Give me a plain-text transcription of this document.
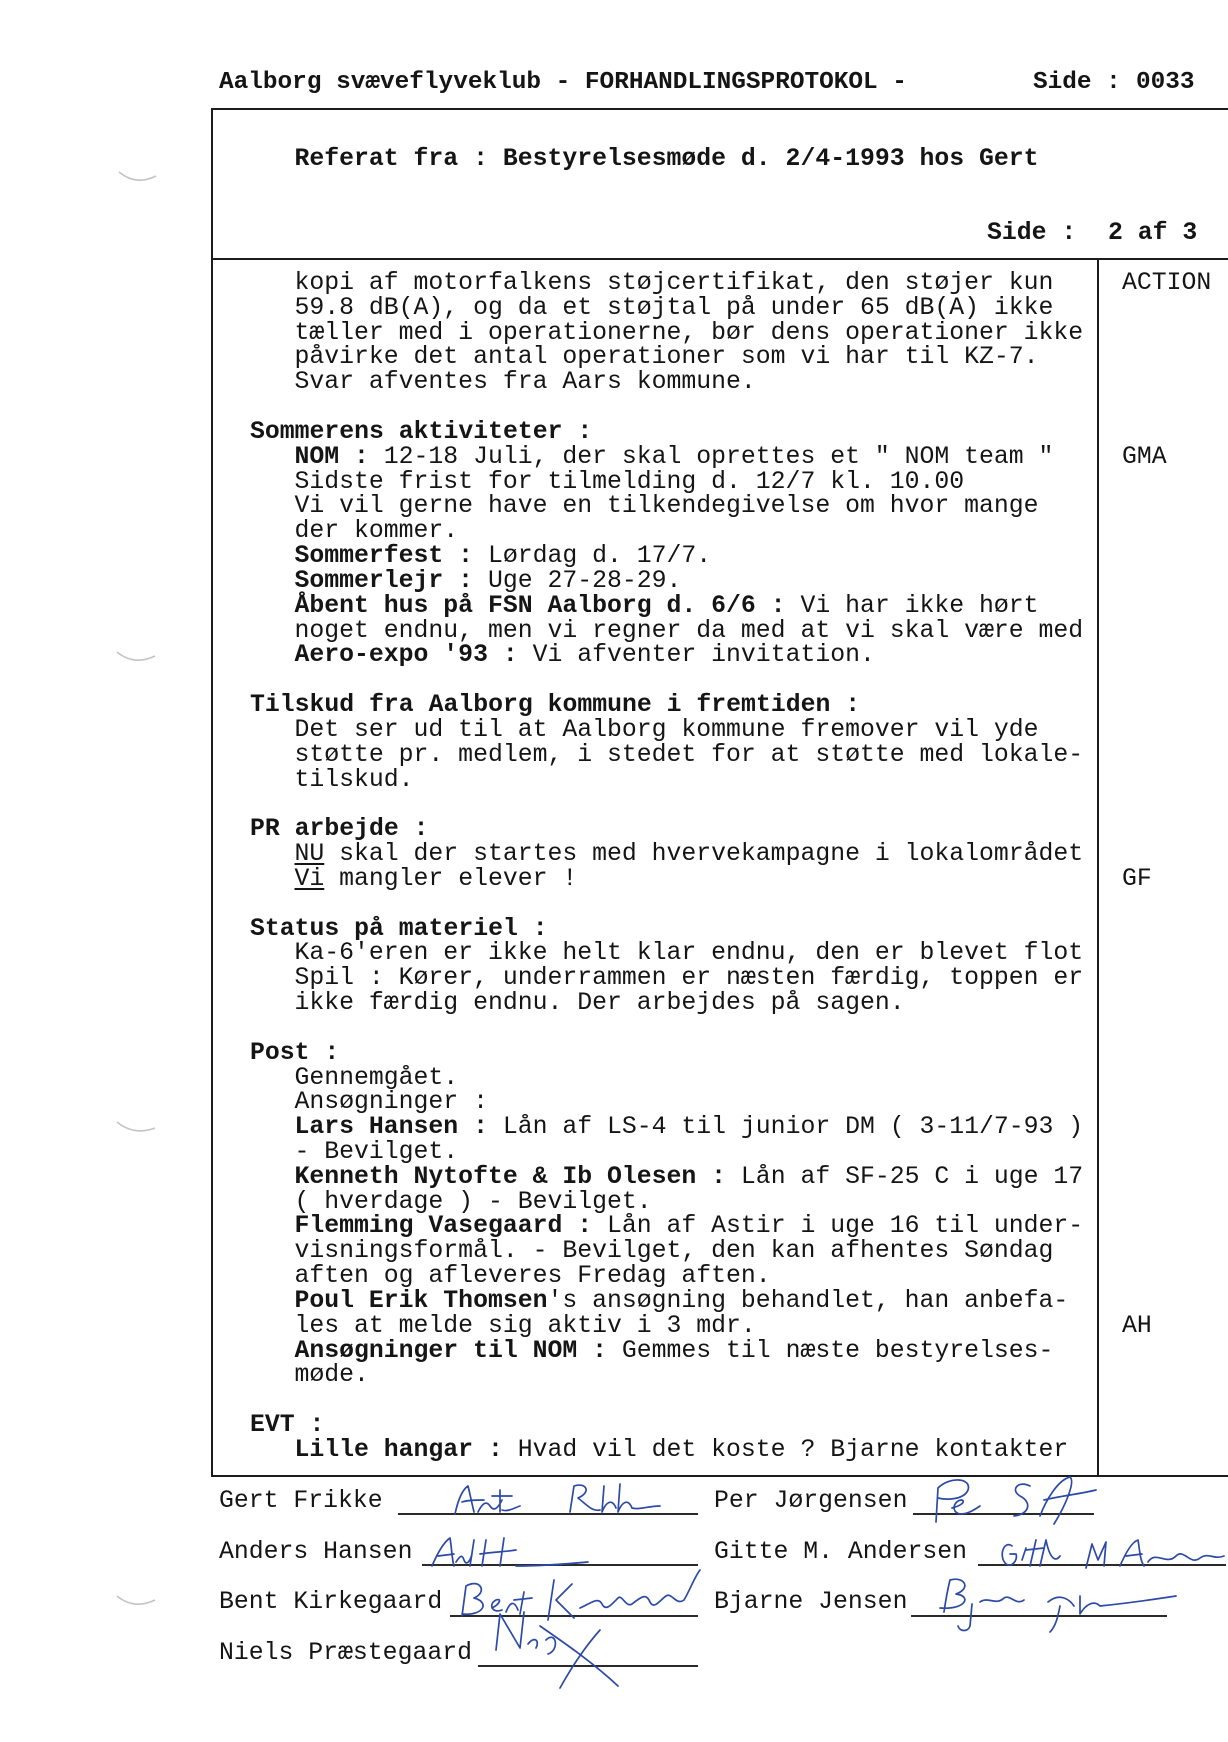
Aalborg svæveflyveklub - FORHANDLINGSPROTOKOL -	Side : 0033
Referat fra : Bestyrelsesmøde d. 2/4-1993 hos Gert
Side : 2 af 3
ACTION
kopi af motorfalkens støjcertifikat, den støjer kun
59.8 dB(A), og da et støjtal på under 65 dB(A) ikke
tæller med i operationerne, bør dens operationer ikke
påvirke det antal operationer som vi har til KZ-7.
Svar afventes fra Aars kommune.
Sommerens aktiviteter :
NOM : 12-18 Juli, der skal oprettes et " NOM team "	GMA
Sidste frist for tilmelding d. 12/7 kl. 10.00
Vi vil gerne have en tilkendegivelse om hvor mange
der kommer.
Sommerfest : Lørdag d. 17/7.
Sommerlejr : Uge 27-28-29.
Åbent hus på FSN Aalborg d. 6/6 : Vi har ikke hørt
noget endnu, men vi regner da med at vi skal være med
Aero-expo '93 : Vi afventer invitation.
Tilskud fra Aalborg kommune i fremtiden :
Det ser ud til at Aalborg kommune fremover vil yde
støtte pr. medlem, i stedet for at støtte med lokale-
tilskud.
PR arbejde :
NU skal der startes med hvervekampagne i lokalområdet
Vi mangler elever !	GF
Status på materiel :
Ka-6'eren er ikke helt klar endnu, den er blevet flot
Spil : Kører, underrammen er næsten færdig, toppen er
ikke færdig endnu. Der arbejdes på sagen.
Post :
Gennemgået.
Ansøgninger :
Lars Hansen : Lån af LS-4 til junior DM ( 3-11/7-93 )
- Bevilget.
Kenneth Nytofte & Ib Olesen : Lån af SF-25 C i uge 17
( hverdage ) - Bevilget.
Flemming Vasegaard : Lån af Astir i uge 16 til under-
visningsformål. - Bevilget, den kan afhentes Søndag
aften og afleveres Fredag aften.
Poul Erik Thomsen's ansøgning behandlet, han anbefa-
les at melde sig aktiv i 3 mdr.	AH
Ansøgninger til NOM : Gemmes til næste bestyrelses-
møde.
EVT :
Lille hangar : Hvad vil det koste ? Bjarne kontakter
Gert Frikke	Per Jørgensen
Anders Hansen	Gitte M. Andersen
Bent Kirkegaard	Bjarne Jensen
Niels Præstegaard
